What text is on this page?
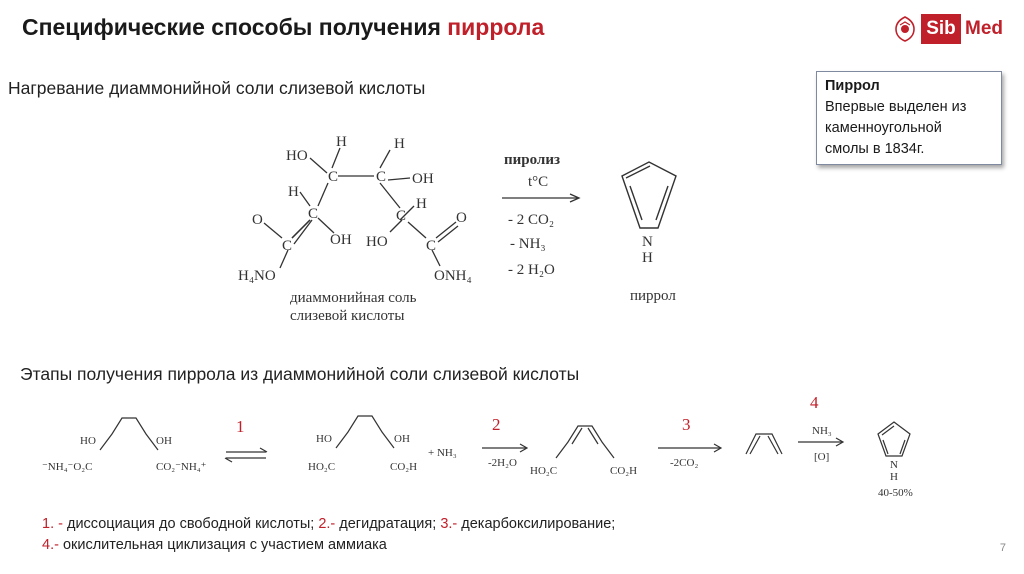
Специфические способы получения пиррола	Sib Med
Нагревание диаммонийной соли слизевой кислоты	Пиррол
Впервые выделен из
каменноугольной
смолы в 1834г.
HO
H
C	C
H
OH
H
C
OH
C
H
HO
O
C
H₄NO
O
C
ONH₄
диаммонийная соль
слизевой кислоты
пиролиз
t°C
- 2 CO₂
- NH₃
- 2 H₂O
N
H
пиррол
Этапы получения пиррола из диаммонийной соли слизевой кислоты
HO	OH
⁻NH₄⁻O₂C	CO₂⁻NH₄⁺
1
HO	OH
HO₂C	CO₂H
+ NH₃
2
-2H₂O
HO₂C	CO₂H
3
-2CO₂
4
NH₃
[O]
N
H
40-50%
1. - диссоциация до свободной кислоты; 2.- дегидратация; 3.- декарбоксилирование;
4.- окислительная циклизация с участием аммиака	7
